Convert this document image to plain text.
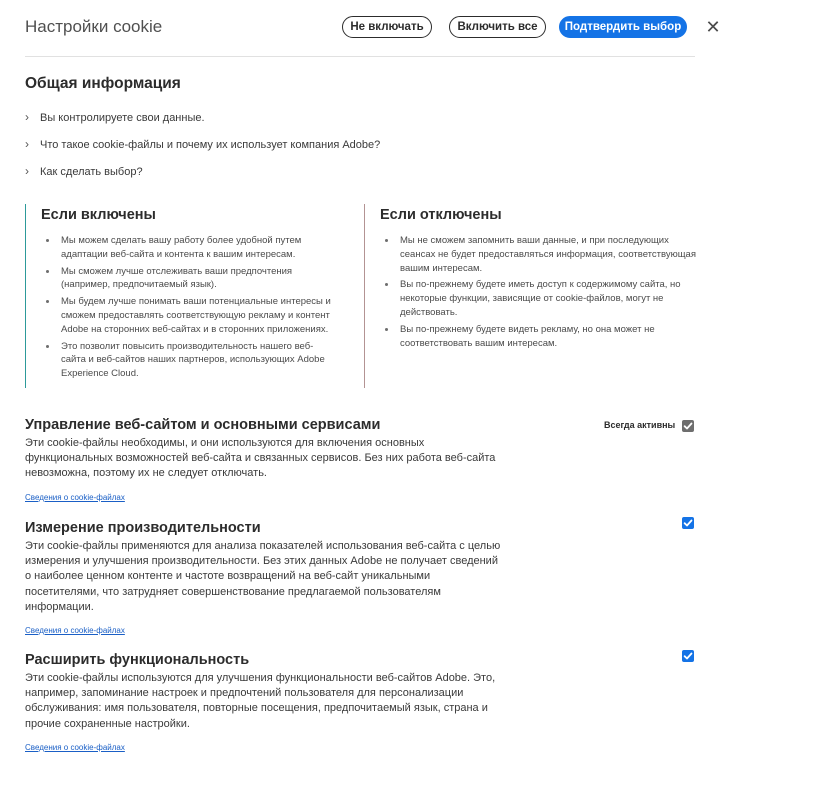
Настройки cookie	Не включать	Включить все	Подтвердить выбор	✕
Общая информация
› Вы контролируете свои данные.
› Что такое cookie-файлы и почему их использует компания Adobe?
› Как сделать выбор?
Если включены
Мы можем сделать вашу работу более удобной путем адаптации веб-сайта и контента к вашим интересам.
Мы сможем лучше отслеживать ваши предпочтения (например, предпочитаемый язык).
Мы будем лучше понимать ваши потенциальные интересы и сможем предоставлять соответствующую рекламу и контент Adobe на сторонних веб-сайтах и в сторонних приложениях.
Это позволит повысить производительность нашего веб-сайта и веб-сайтов наших партнеров, использующих Adobe Experience Cloud.
Если отключены
Мы не сможем запомнить ваши данные, и при последующих сеансах не будет предоставляться информация, соответствующая вашим интересам.
Вы по-прежнему будете иметь доступ к содержимому сайта, но некоторые функции, зависящие от cookie-файлов, могут не действовать.
Вы по-прежнему будете видеть рекламу, но она может не соответствовать вашим интересам.
Управление веб-сайтом и основными сервисами	Всегда активны
Эти cookie-файлы необходимы, и они используются для включения основных функциональных возможностей веб-сайта и связанных сервисов. Без них работа веб-сайта невозможна, поэтому их не следует отключать.
Сведения о cookie-файлах
Измерение производительности
Эти cookie-файлы применяются для анализа показателей использования веб-сайта с целью измерения и улучшения производительности. Без этих данных Adobe не получает сведений о наиболее ценном контенте и частоте возвращений на веб-сайт уникальными посетителями, что затрудняет совершенствование предлагаемой пользователям информации.
Сведения о cookie-файлах
Расширить функциональность
Эти cookie-файлы используются для улучшения функциональности веб-сайтов Adobe. Это, например, запоминание настроек и предпочтений пользователя для персонализации обслуживания: имя пользователя, повторные посещения, предпочитаемый язык, страна и прочие сохраненные настройки.
Сведения о cookie-файлах
